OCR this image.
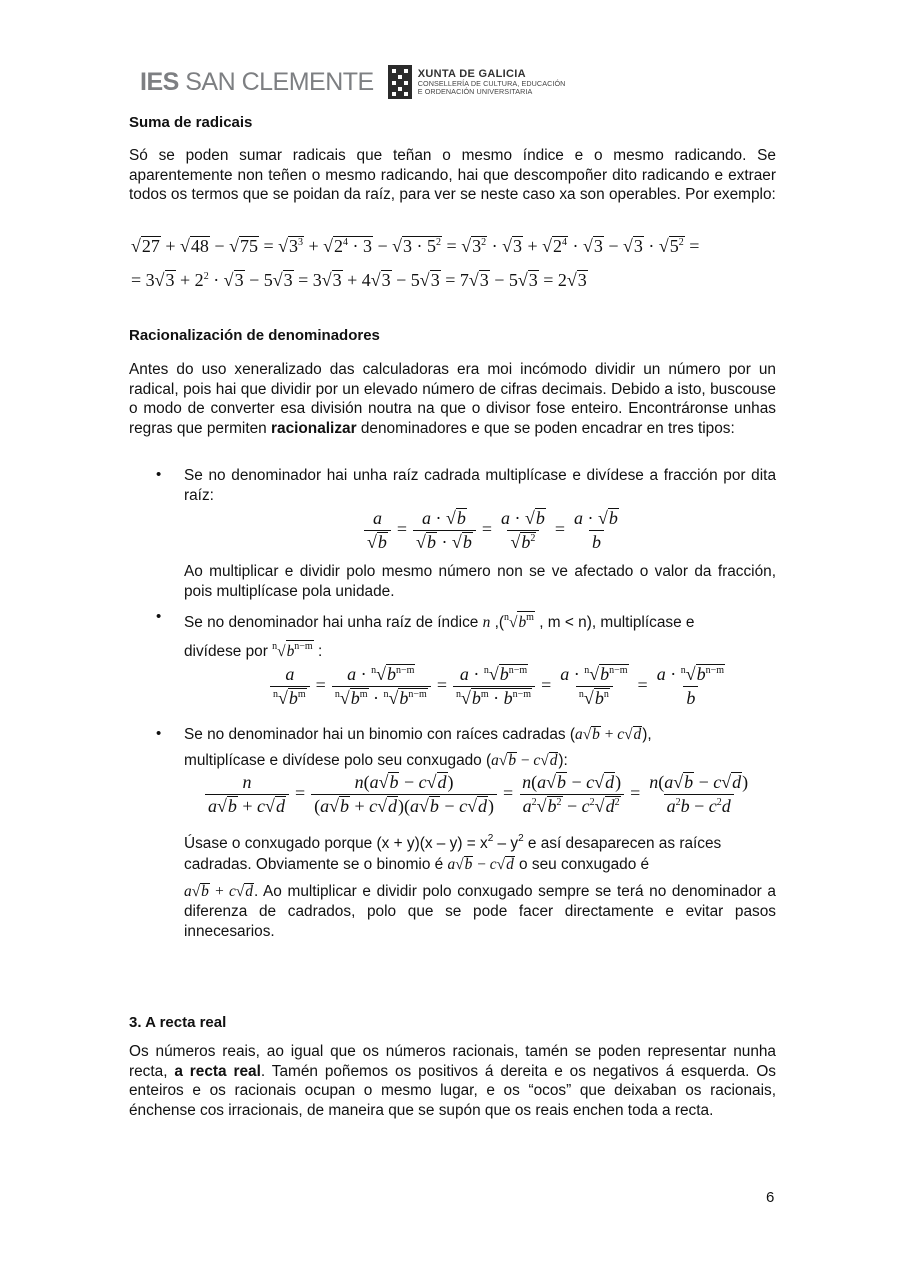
IES SAN CLEMENTE	XUNTA DE GALICIA
CONSELLERÍA DE CULTURA, EDUCACIÓN
E ORDENACIÓN UNIVERSITARIA
Suma de radicais
Só se poden sumar radicais que teñan o mesmo índice e o mesmo radicando. Se aparentemente non teñen o mesmo radicando, hai que descompoñer dito radicando e extraer todos os termos que se poidan da raíz, para ver se neste caso xa son operables. Por exemplo:
$√27 + √48 - √75 = √3^3 + √2^4 \cdot 3 - √3 \cdot 5^2 = √3^2 \cdot √3 + √2^4 \cdot √3 - √3 \cdot √5^2$ =
= $3√3 + 2^2 \cdot √3 - 5√3 = 3√3 + 4√3 - 5√3 = 7√3 - 5√3 = 2√3$
Racionalización de denominadores
Antes do uso xeneralizado das calculadoras era moi incómodo dividir un número por un radical, pois hai que dividir por un elevado número de cifras decimais. Debido a isto, buscouse o modo de converter esa división noutra na que o divisor fose enteiro. Encontráronse unhas regras que permiten racionalizar denominadores e que se poden encadrar en tres tipos:
• Se no denominador hai unha raíz cadrada multiplícase e divídese a fracción por dita raíz:
$\frac{a}{√b} = \frac{a \cdot √b}{√b \cdot √b} = \frac{a \cdot √b}{√b^2} = \frac{a \cdot √b}{b}$
Ao multiplicar e dividir polo mesmo número non se ve afectado o valor da fracción, pois multiplícase pola unidade.
• Se no denominador hai unha raíz de índice n $,(^n√b^m$ , m < n), multiplícase e
divídese por $^n√b^{n-m}$ :
$\frac{a}{^n√b^m} = \frac{a \cdot ^n√b^{n-m}}{^n√b^m \cdot ^n√b^{n-m}} = \frac{a \cdot ^n√b^{n-m}}{^n√b^m \cdot b^{n-m}} = \frac{a \cdot ^n√b^{n-m}}{^n√b^n} = \frac{a \cdot ^n√b^{n-m}}{b}$
• Se no denominador hai un binomio con raíces cadradas (a√b + c√d),
multiplícase e divídese polo seu conxugado (a√b − c√d):
$\frac{n}{a√b + c√d} = \frac{n(a√b - c√d)}{(a√b + c√d)(a√b - c√d)} = \frac{n(a√b - c√d)}{a^2√b^2 - c^2√d^2} = \frac{n(a√b - c√d)}{a^2b - c^2d}$
Úsase o conxugado porque $(x + y)(x - y) = x^2 - y^2$ e así desaparecen as raíces
cadradas. Obviamente se o binomio é a√b − c√d o seu conxugado é
a√b + c√d. Ao multiplicar e dividir polo conxugado sempre se terá no denominador a diferenza de cadrados, polo que se pode facer directamente e evitar pasos innecesarios.
3. A recta real
Os números reais, ao igual que os números racionais, tamén se poden representar nunha recta, a recta real. Tamén poñemos os positivos á dereita e os negativos á esquerda. Os enteiros e os racionais ocupan o mesmo lugar, e os “ocos” que deixaban os racionais, énchense cos irracionais, de maneira que se supón que os reais enchen toda a recta.
6
